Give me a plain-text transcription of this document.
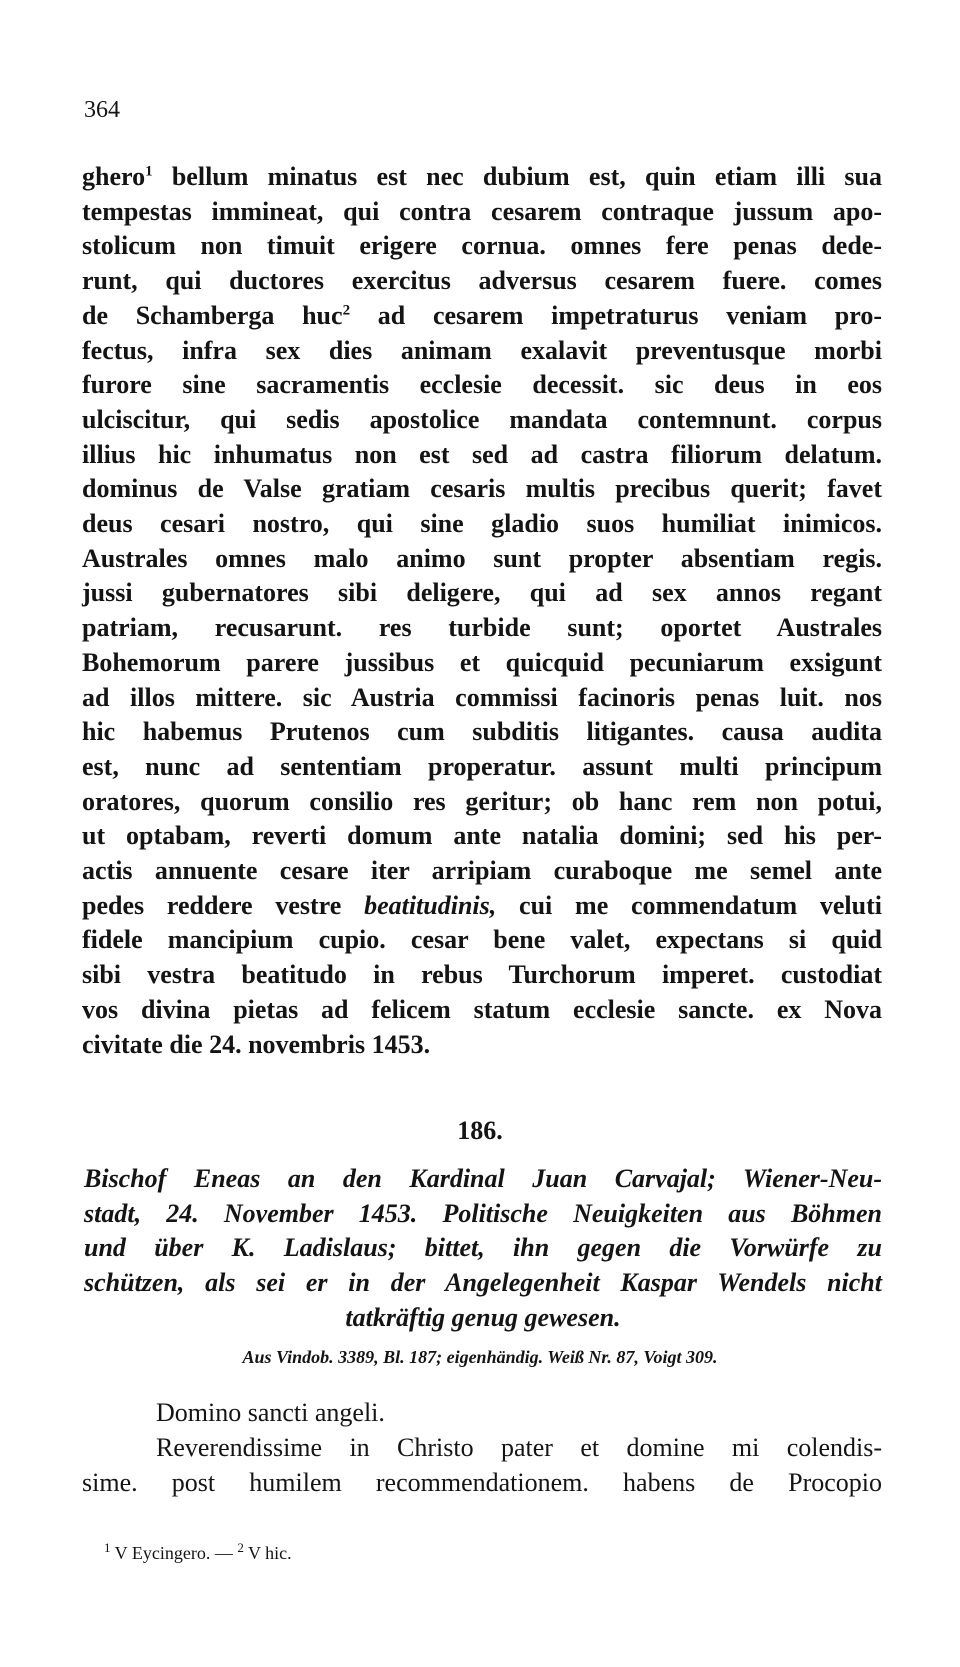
364
ghero$^1$ bellum minatus est nec dubium est, quin etiam illi sua
tempestas immineat, qui contra cesarem contraque jussum apo-
stolicum non timuit erigere cornua. omnes fere penas dede-
runt, qui ductores exercitus adversus cesarem fuere. comes
de Schamberga huc$^2$ ad cesarem impetraturus veniam pro-
fectus, infra sex dies animam exalavit preventusque morbi
furore sine sacramentis ecclesie decessit. sic deus in eos
ulciscitur, qui sedis apostolice mandata contemnunt. corpus
illius hic inhumatus non est sed ad castra filiorum delatum.
dominus de Valse gratiam cesaris multis precibus querit; favet
deus cesari nostro, qui sine gladio suos humiliat inimicos.
Australes omnes malo animo sunt propter absentiam regis.
jussi gubernatores sibi deligere, qui ad sex annos regant
patriam, recusarunt. res turbide sunt; oportet Australes
Bohemorum parere jussibus et quicquid pecuniarum exsigunt
ad illos mittere. sic Austria commissi facinoris penas luit. nos
hic habemus Prutenos cum subditis litigantes. causa audita
est, nunc ad sententiam properatur. assunt multi principum
oratores, quorum consilio res geritur; ob hanc rem non potui,
ut optabam, reverti domum ante natalia domini; sed his per-
actis annuente cesare iter arripiam curaboque me semel ante
pedes reddere vestre beatitudinis, cui me commendatum veluti
fidele mancipium cupio. cesar bene valet, expectans si quid
sibi vestra beatitudo in rebus Turchorum imperet. custodiat
vos divina pietas ad felicem statum ecclesie sancte. ex Nova
civitate die 24. novembris 1453.
186.
Bischof Eneas an den Kardinal Juan Carvajal; Wiener-Neu-
stadt, 24. November 1453. Politische Neuigkeiten aus Böhmen
und über K. Ladislaus; bittet, ihn gegen die Vorwürfe zu
schützen, als sei er in der Angelegenheit Kaspar Wendels nicht
tatkräftig genug gewesen.
Aus Vindob. 3389, Bl. 187; eigenhändig. Weiß Nr. 87, Voigt 309.
Domino sancti angeli.
Reverendissime in Christo pater et domine mi colendis-
sime. post humilem recommendationem. habens de Procopio
$^1$ V Eycingero. — $^2$ V hic.
